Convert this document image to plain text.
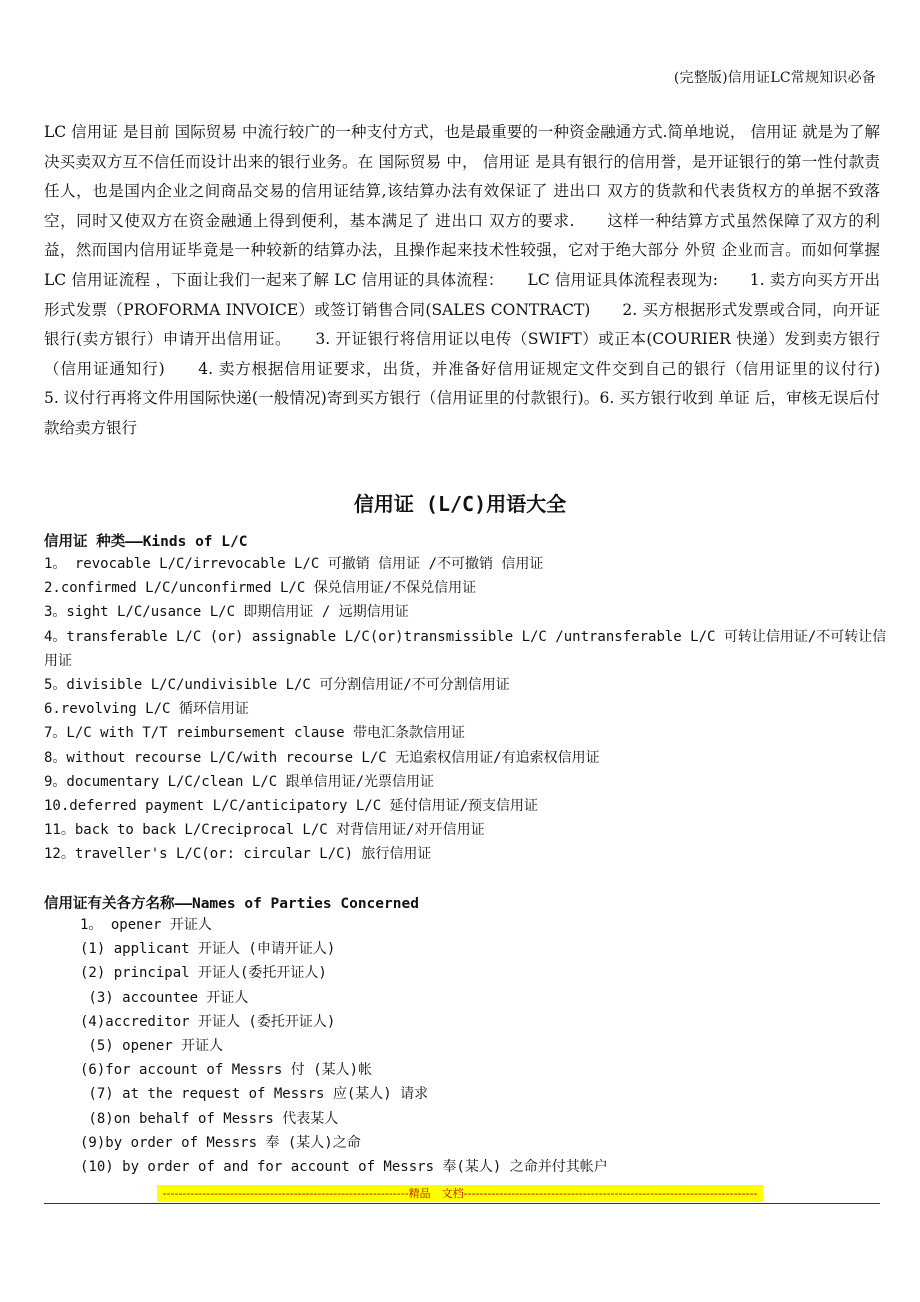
(完整版)信用证LC常规知识必备

LC 信用证 是目前 国际贸易 中流行较广的一种支付方式，也是最重要的一种资金融通方式.简单地说， 信用证 就是为了解决买卖双方互不信任而设计出来的银行业务。在 国际贸易 中， 信用证 是具有银行的信用誉，是开证银行的第一性付款责任人，也是国内企业之间商品交易的信用证结算,该结算办法有效保证了 进出口 双方的货款和代表货权方的单据不致落空，同时又使双方在资金融通上得到便利，基本满足了 进出口 双方的要求.　　这样一种结算方式虽然保障了双方的利益，然而国内信用证毕竟是一种较新的结算办法，且操作起来技术性较强，它对于绝大部分 外贸 企业而言。而如何掌握 LC 信用证流程 ，下面让我们一起来了解 LC 信用证的具体流程：　　LC 信用证具体流程表现为:　　1. 卖方向买方开出形式发票（PROFORMA INVOICE）或签订销售合同(SALES CONTRACT)　　2. 买方根据形式发票或合同，向开证银行(卖方银行）申请开出信用证。　　3. 开证银行将信用证以电传（SWIFT）或正本(COURIER 快递）发到卖方银行（信用证通知行)　　4. 卖方根据信用证要求，出货，并准备好信用证规定文件交到自己的银行（信用证里的议付行)　　5. 议付行再将文件用国际快递(一般情况)寄到买方银行（信用证里的付款银行)。6. 买方银行收到 单证 后，审核无误后付款给卖方银行

信用证 (L/C)用语大全
信用证 种类——Kinds of L/C
1。 revocable L/C/irrevocable L/C 可撤销 信用证 /不可撤销 信用证
2.confirmed L/C/unconfirmed L/C 保兑信用证/不保兑信用证
3。sight L/C/usance L/C 即期信用证 / 远期信用证
4。transferable L/C (or) assignable L/C(or)transmissible L/C /untransferable L/C 可转让信用证/不可转让信用证
5。divisible L/C/undivisible L/C 可分割信用证/不可分割信用证
6.revolving L/C 循环信用证
7。L/C with T/T reimbursement clause 带电汇条款信用证
8。without recourse L/C/with recourse L/C 无追索权信用证/有追索权信用证
9。documentary L/C/clean L/C 跟单信用证/光票信用证
10.deferred payment L/C/anticipatory L/C 延付信用证/预支信用证
11。back to back L/Creciprocal L/C 对背信用证/对开信用证
12。traveller's L/C(or: circular L/C) 旅行信用证
信用证有关各方名称——Names of Parties Concerned
1。 opener 开证人
(1) applicant 开证人 (申请开证人)
(2) principal 开证人(委托开证人)
(3) accountee 开证人
(4)accreditor 开证人 (委托开证人)
(5) opener 开证人
(6)for account of Messrs 付 (某人)帐
(7) at the request of Messrs 应(某人) 请求
(8)on behalf of Messrs 代表某人
(9)by order of Messrs 奉 (某人)之命
(10) by order of and for account of Messrs 奉(某人) 之命并付其帐户
--------------------------------------------------------------精品　文档--------------------------------------------------------------------------
